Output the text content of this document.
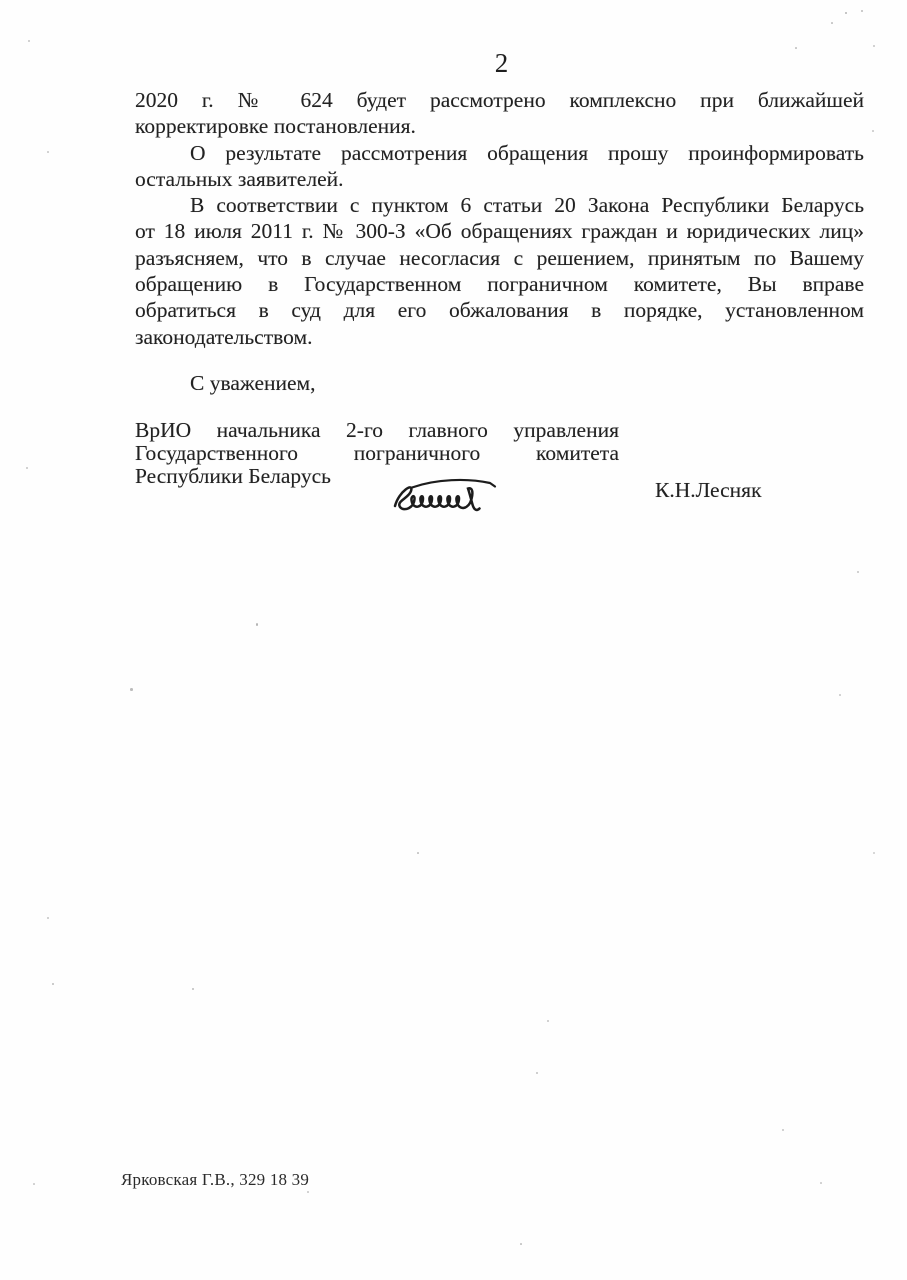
2

2020 г. № 624 будет рассмотрено комплексно при ближайшей

корректировке постановления.

О результате рассмотрения обращения прошу проинформировать

остальных заявителей.

В соответствии с пунктом 6 статьи 20 Закона Республики Беларусь

от 18 июля 2011 г. № 300-З «Об обращениях граждан и юридических лиц»

разъясняем, что в случае несогласия с решением, принятым по Вашему

обращению в Государственном пограничном комитете, Вы вправе

обратиться в суд для его обжалования в порядке, установленном

законодательством.

С уважением,

ВрИО начальника 2-го главного управления

Государственного пограничного комитета

Республики Беларусь

К.Н.Лесняк
Ярковская Г.В., 329 18 39
